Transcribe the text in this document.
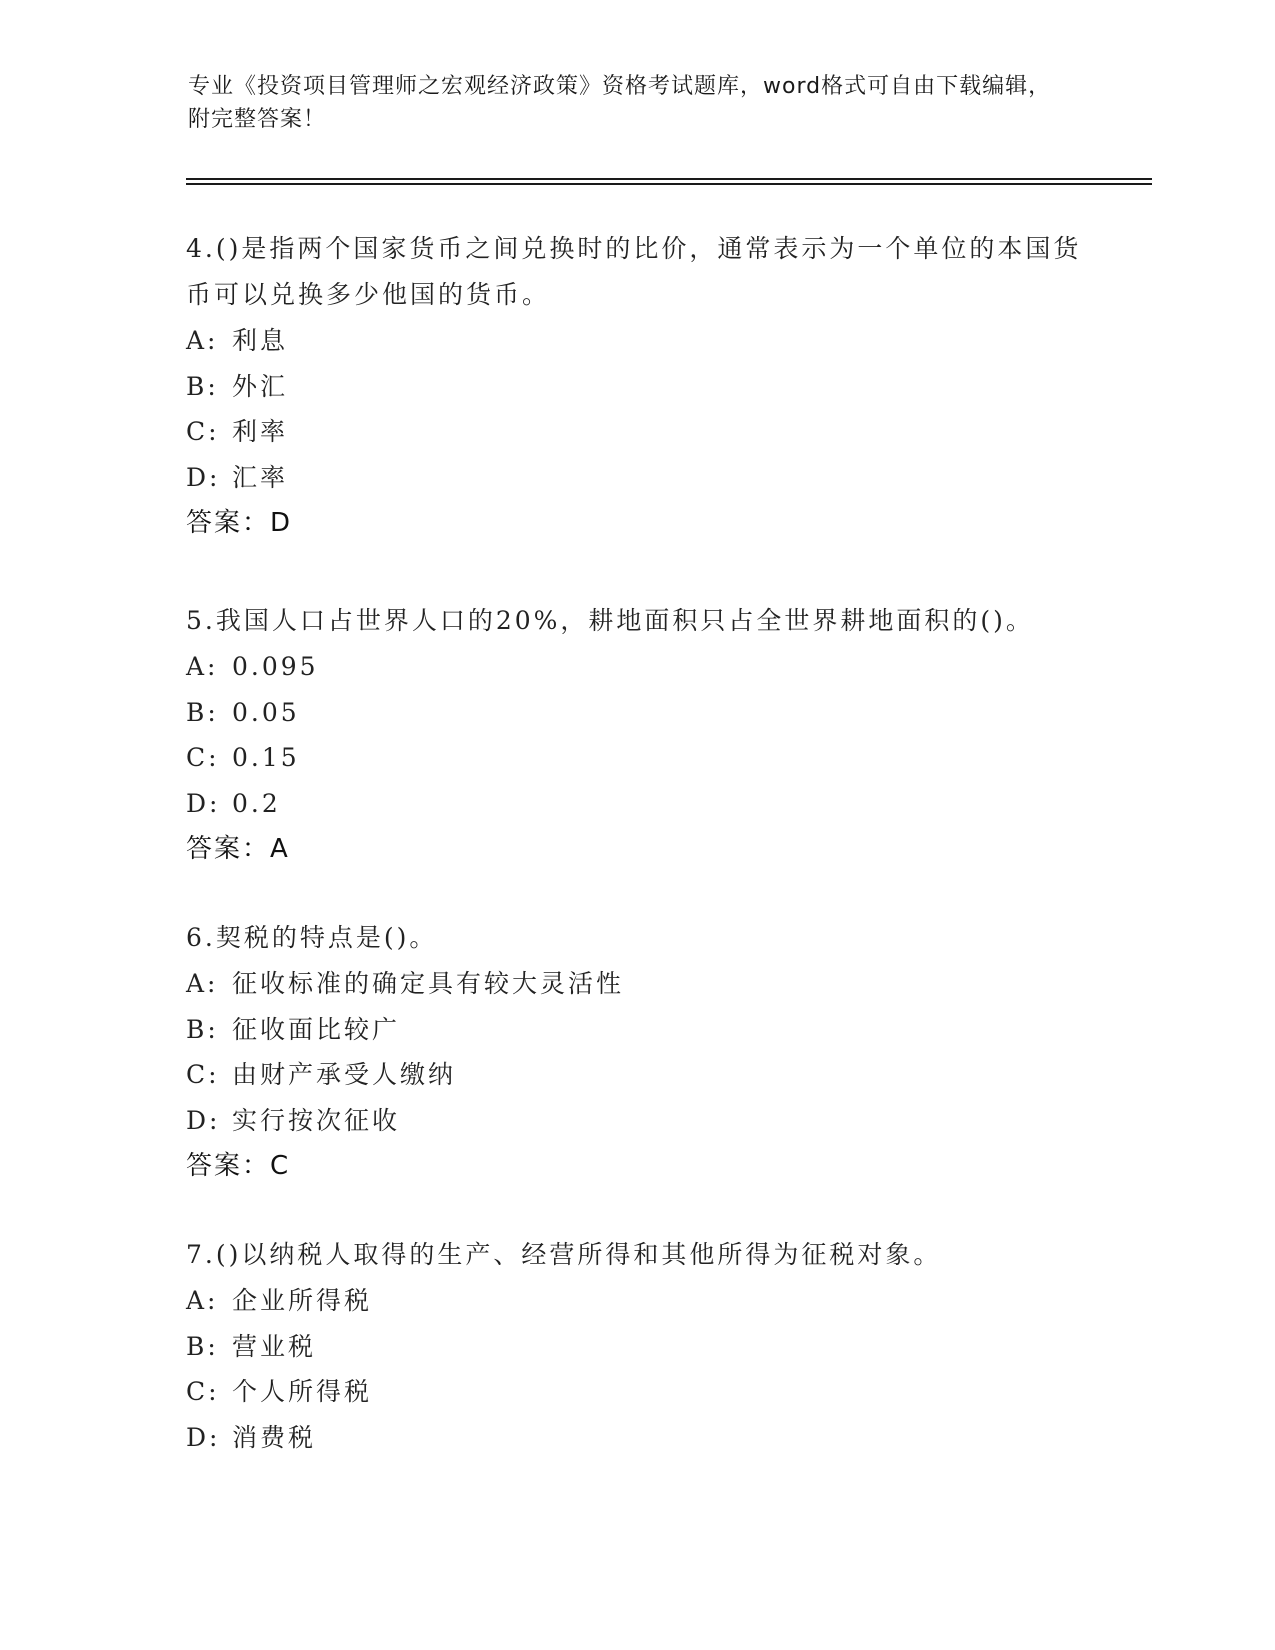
专业《投资项目管理师之宏观经济政策》资格考试题库，word格式可自由下载编辑，附完整答案！

4.()是指两个国家货币之间兑换时的比价，通常表示为一个单位的本国货币可以兑换多少他国的货币。

A: 利息

B: 外汇

C: 利率

D: 汇率

答案：D

5.我国人口占世界人口的20%，耕地面积只占全世界耕地面积的()。

A: 0.095

B: 0.05

C: 0.15

D: 0.2

答案：A

6.契税的特点是()。

A: 征收标准的确定具有较大灵活性

B: 征收面比较广

C: 由财产承受人缴纳

D: 实行按次征收

答案：C

7.()以纳税人取得的生产、经营所得和其他所得为征税对象。

A: 企业所得税

B: 营业税

C: 个人所得税

D: 消费税
